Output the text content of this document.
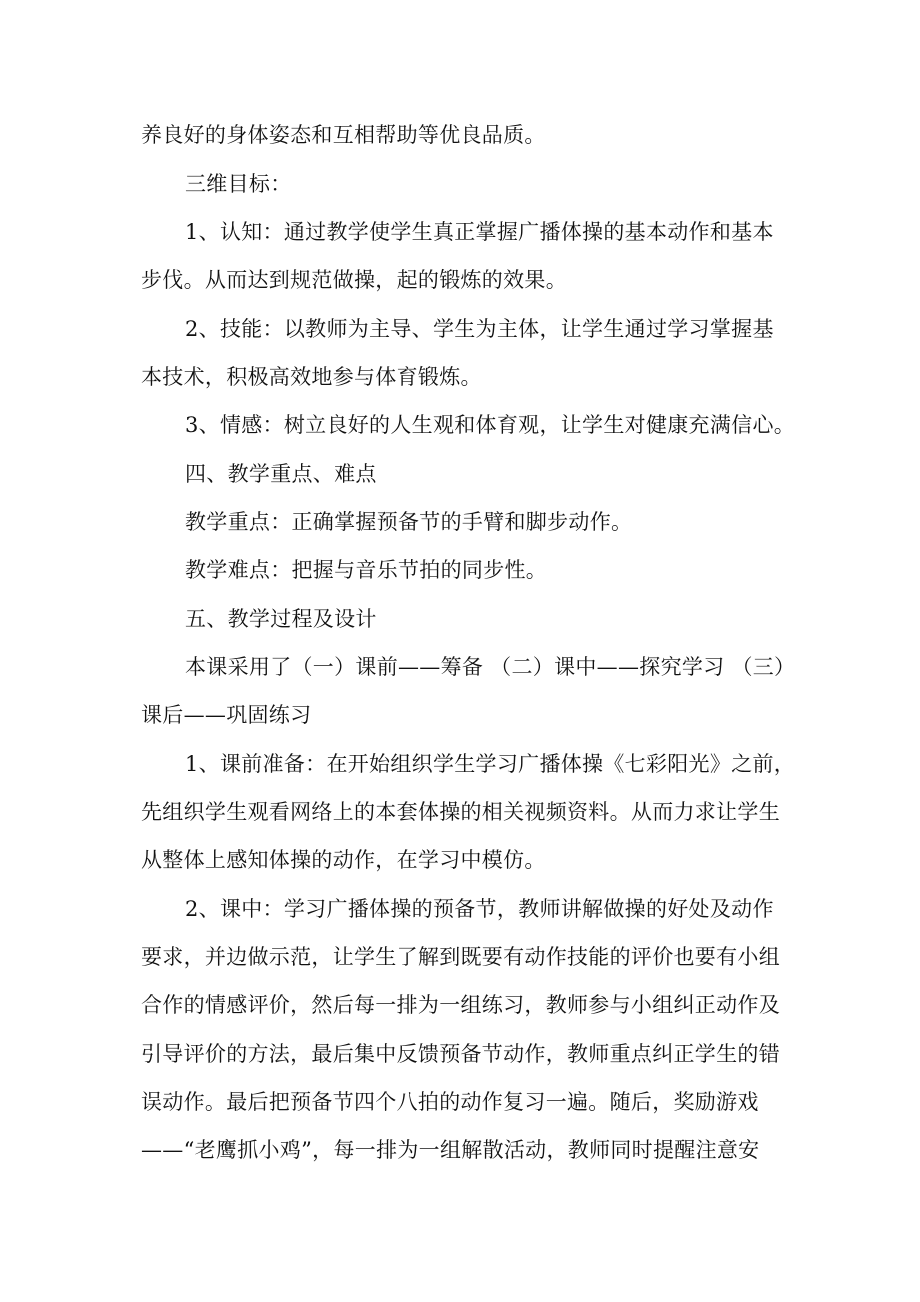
养良好的身体姿态和互相帮助等优良品质。
三维目标：
1、认知：通过教学使学生真正掌握广播体操的基本动作和基本
步伐。从而达到规范做操，起的锻炼的效果。
2、技能：以教师为主导、学生为主体，让学生通过学习掌握基
本技术，积极高效地参与体育锻炼。
3、情感：树立良好的人生观和体育观，让学生对健康充满信心。
四、教学重点、难点
教学重点：正确掌握预备节的手臂和脚步动作。
教学难点：把握与音乐节拍的同步性。
五、教学过程及设计
本课采用了（一）课前——筹备 （二）课中——探究学习 （三）
课后——巩固练习
1、课前准备：在开始组织学生学习广播体操《七彩阳光》之前，
先组织学生观看网络上的本套体操的相关视频资料。从而力求让学生
从整体上感知体操的动作，在学习中模仿。
2、课中：学习广播体操的预备节，教师讲解做操的好处及动作
要求，并边做示范，让学生了解到既要有动作技能的评价也要有小组
合作的情感评价，然后每一排为一组练习，教师参与小组纠正动作及
引导评价的方法，最后集中反馈预备节动作，教师重点纠正学生的错
误动作。最后把预备节四个八拍的动作复习一遍。随后，奖励游戏
——“老鹰抓小鸡”，每一排为一组解散活动，教师同时提醒注意安
